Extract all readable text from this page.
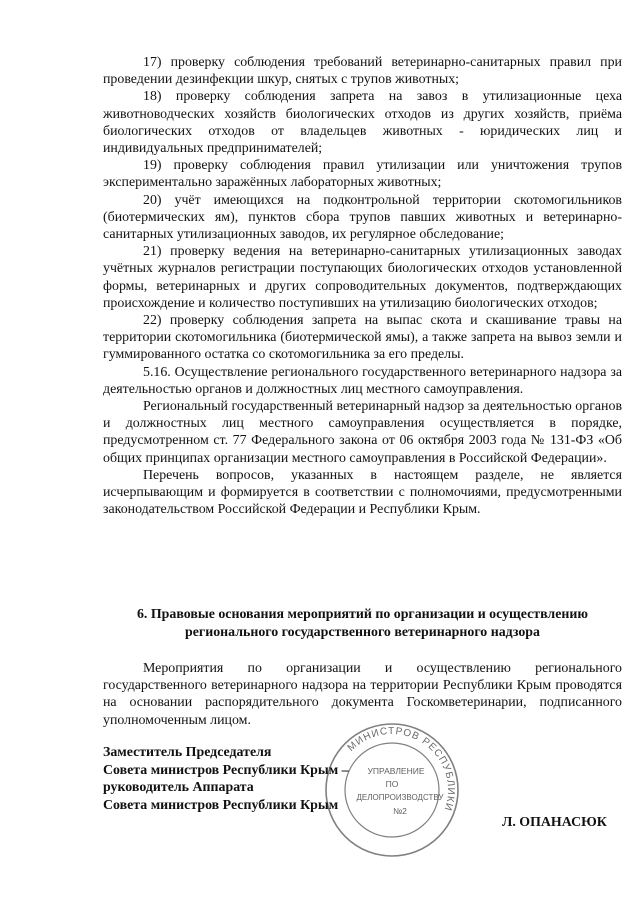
17) проверку соблюдения требований ветеринарно-санитарных правил при проведении дезинфекции шкур, снятых с трупов животных;

18) проверку соблюдения запрета на завоз в утилизационные цеха животноводческих хозяйств биологических отходов из других хозяйств, приёма биологических отходов от владельцев животных - юридических лиц и индивидуальных предпринимателей;

19) проверку соблюдения правил утилизации или уничтожения трупов экспериментально заражённых лабораторных животных;

20) учёт имеющихся на подконтрольной территории скотомогильников (биотермических ям), пунктов сбора трупов павших животных и ветеринарно-санитарных утилизационных заводов, их регулярное обследование;

21) проверку ведения на ветеринарно-санитарных утилизационных заводах учётных журналов регистрации поступающих биологических отходов установленной формы, ветеринарных и других сопроводительных документов, подтверждающих происхождение и количество поступивших на утилизацию биологических отходов;

22) проверку соблюдения запрета на выпас скота и скашивание травы на территории скотомогильника (биотермической ямы), а также запрета на вывоз земли и гуммированного остатка со скотомогильника за его пределы.

5.16. Осуществление регионального государственного ветеринарного надзора за деятельностью органов и должностных лиц местного самоуправления.

Региональный государственный ветеринарный надзор за деятельностью органов и должностных лиц местного самоуправления осуществляется в порядке, предусмотренном ст. 77 Федерального закона от 06 октября 2003 года № 131-ФЗ «Об общих принципах организации местного самоуправления в Российской Федерации».

Перечень вопросов, указанных в настоящем разделе, не является исчерпывающим и формируется в соответствии с полномочиями, предусмотренными законодательством Российской Федерации и Республики Крым.

6. Правовые основания мероприятий по организации и осуществлению
регионального государственного ветеринарного надзора

Мероприятия по организации и осуществлению регионального государственного ветеринарного надзора на территории Республики Крым проводятся на основании распорядительного документа Госкомветеринарии, подписанного уполномоченным лицом.

МИНИСТРОВ РЕСПУБЛИКИ
УПРАВЛЕНИЕ
ПО
ДЕЛОПРОИЗВОДСТВУ
№2
Заместитель Председателя
Совета министров Республики Крым –
руководитель Аппарата
Совета министров Республики Крым
Л. ОПАНАСЮК
